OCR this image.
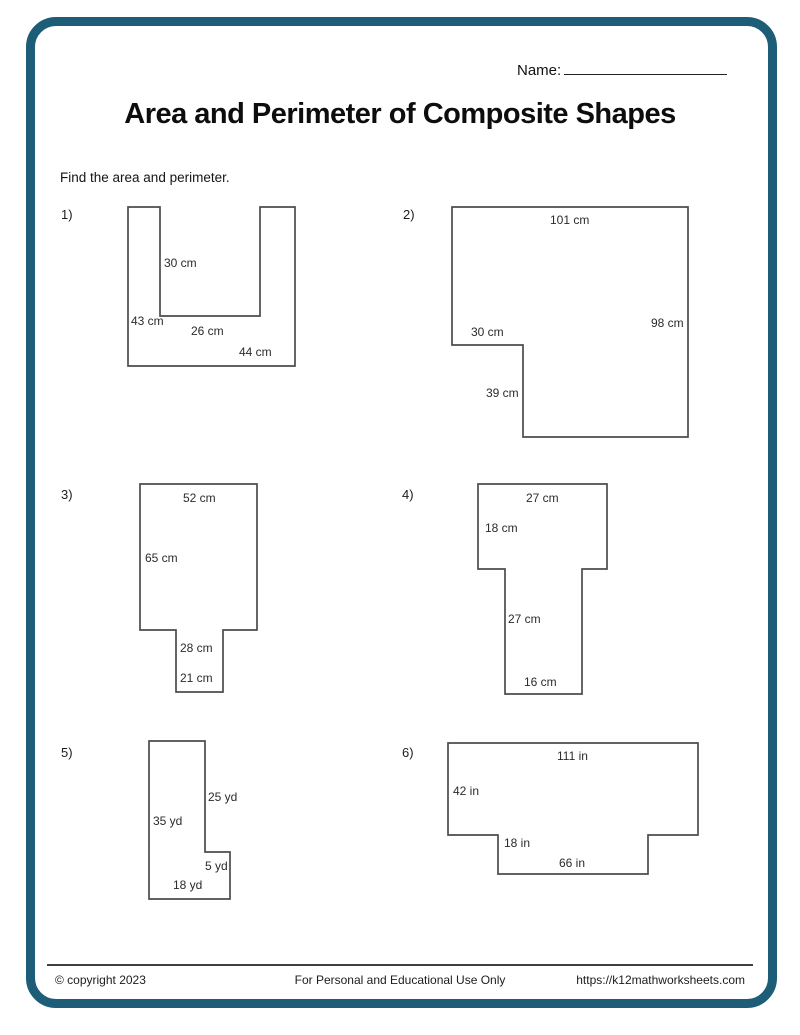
Name:
Area and Perimeter of Composite Shapes
Find the area and perimeter.
1)
30 cm
43 cm
26 cm
44 cm
2)	101 cm
98 cm
30 cm
39 cm
3)	52 cm
65 cm
28 cm
21 cm
4)	27 cm
18 cm
27 cm
16 cm
5)
25 yd
35 yd
5 yd
18 yd
6)	111 in
42 in
18 in
66 in
© copyright 2023	For Personal and Educational Use Only	https://k12mathworksheets.com
